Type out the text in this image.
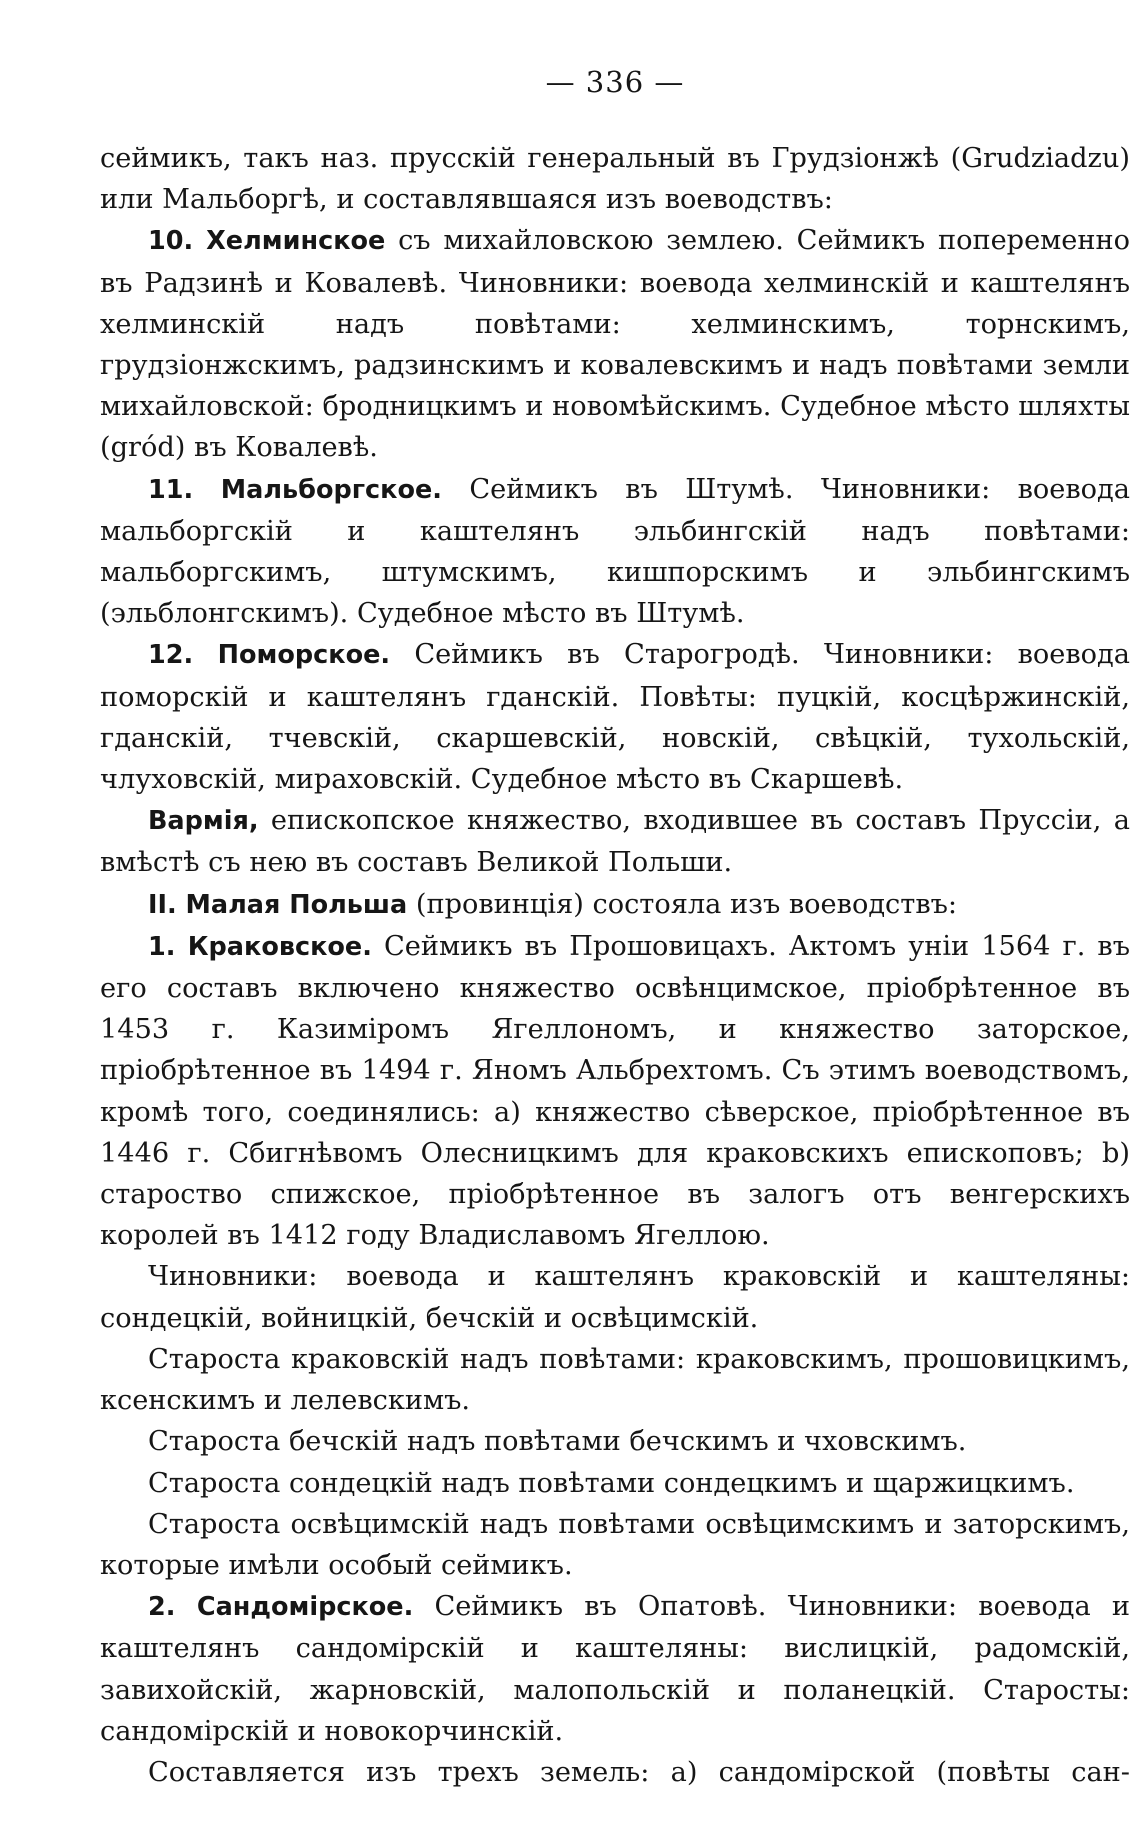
— 336 —

сеймикъ, такъ наз. прусскій генеральный въ Грудзіонжѣ (Grudziadzu) или Мальборгѣ, и составлявшаяся изъ воеводствъ:

10. Хелминское съ михайловскою землею. Сеймикъ попеременно въ Радзинѣ и Ковалевѣ. Чиновники: воевода хелминскій и каштелянъ хелминскій надъ повѣтами: хелминскимъ, торнскимъ, грудзіонжскимъ, радзинскимъ и ковалевскимъ и надъ повѣтами земли михайловской: бродницкимъ и новомѣйскимъ. Судебное мѣсто шляхты (gród) въ Ковалевѣ.

11. Мальборгское. Сеймикъ въ Штумѣ. Чиновники: воевода мальборгскій и каштелянъ эльбингскій надъ повѣтами: мальборгскимъ, штумскимъ, кишпорскимъ и эльбингскимъ (эльблонгскимъ). Судебное мѣсто въ Штумѣ.

12. Поморское. Сеймикъ въ Старогродѣ. Чиновники: воевода поморскій и каштелянъ гданскій. Повѣты: пуцкій, косцѣржинскій, гданскій, тчевскій, скаршевскій, новскій, свѣцкій, тухольскій, члуховскій, мираховскій. Судебное мѣсто въ Скаршевѣ.

Вармія, епископское княжество, входившее въ составъ Пруссіи, а вмѣстѣ съ нею въ составъ Великой Польши.

II. Малая Польша (провинція) состояла изъ воеводствъ:

1. Краковское. Сеймикъ въ Прошовицахъ. Актомъ уніи 1564 г. въ его составъ включено княжество освѣнцимское, пріобрѣтенное въ 1453 г. Казиміромъ Ягеллономъ, и княжество заторское, пріобрѣтенное въ 1494 г. Яномъ Альбрехтомъ. Съ этимъ воеводствомъ, кромѣ того, соединялись: a) княжество сѣверское, пріобрѣтенное въ 1446 г. Сбигнѣвомъ Олесницкимъ для краковскихъ епископовъ; b) староство спижское, пріобрѣтенное въ залогъ отъ венгерскихъ королей въ 1412 году Владиславомъ Ягеллою.

Чиновники: воевода и каштелянъ краковскій и каштеляны: сондецкій, войницкій, бечскій и освѣцимскій.

Староста краковскій надъ повѣтами: краковскимъ, прошовицкимъ, ксенскимъ и лелевскимъ.

Староста бечскій надъ повѣтами бечскимъ и чховскимъ.

Староста сондецкій надъ повѣтами сондецкимъ и щаржицкимъ.

Староста освѣцимскій надъ повѣтами освѣцимскимъ и заторскимъ, которые имѣли особый сеймикъ.

2. Сандомірское. Сеймикъ въ Опатовѣ. Чиновники: воевода и каштелянъ сандомірскій и каштеляны: вислицкій, радомскій, завихойскій, жарновскій, малопольскій и поланецкій. Старосты: сандомірскій и новокорчинскій.

Составляется изъ трехъ земель: a) сандомірской (повѣты сан-
